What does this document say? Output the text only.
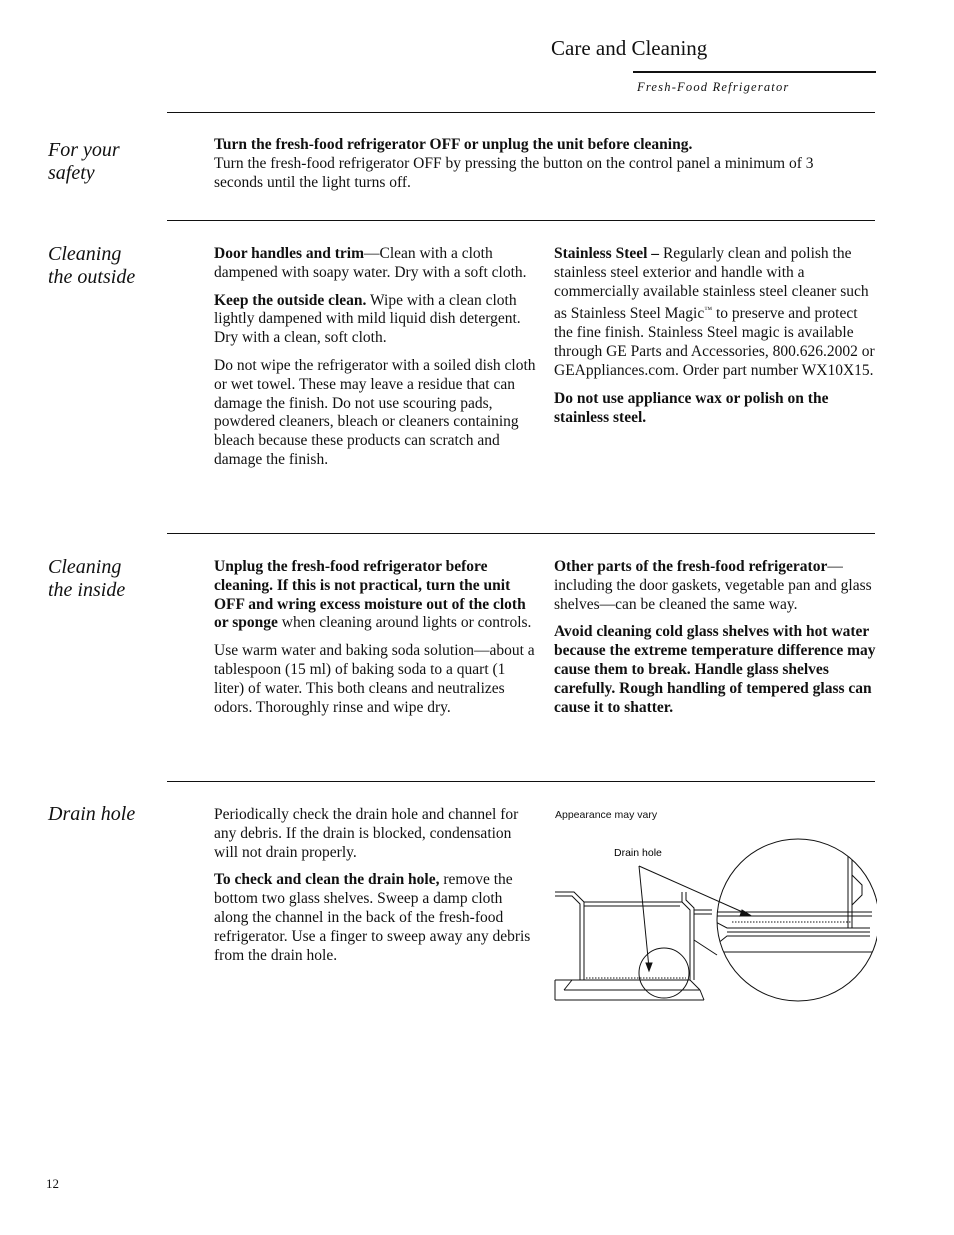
Care and Cleaning
Fresh-Food Refrigerator
For your
safety

Turn the fresh-food refrigerator OFF or unplug the unit before cleaning.

Turn the fresh-food refrigerator OFF by pressing the button on the control panel a minimum of 3 seconds until the light turns off.

Cleaning
the outside

Door handles and trim—Clean with a cloth dampened with soapy water. Dry with a soft cloth.

Keep the outside clean. Wipe with a clean cloth lightly dampened with mild liquid dish detergent. Dry with a clean, soft cloth.

Do not wipe the refrigerator with a soiled dish cloth or wet towel. These may leave a residue that can damage the finish. Do not use scouring pads, powdered cleaners, bleach or cleaners containing bleach because these products can scratch and damage the finish.

Stainless Steel – Regularly clean and polish the stainless steel exterior and handle with a commercially available stainless steel cleaner such as Stainless Steel Magic™ to preserve and protect the fine finish. Stainless Steel magic is available through GE Parts and Accessories, 800.626.2002 or GEAppliances.com. Order part number WX10X15.

Do not use appliance wax or polish on the stainless steel.

Cleaning
the inside

Unplug the fresh-food refrigerator before cleaning. If this is not practical, turn the unit OFF and wring excess moisture out of the cloth or sponge when cleaning around lights or controls.

Use warm water and baking soda solution—about a tablespoon (15 ml) of baking soda to a quart (1 liter) of water. This both cleans and neutralizes odors. Thoroughly rinse and wipe dry.

Other parts of the fresh-food refrigerator—including the door gaskets, vegetable pan and glass shelves—can be cleaned the same way.

Avoid cleaning cold glass shelves with hot water because the extreme temperature difference may cause them to break. Handle glass shelves carefully. Rough handling of tempered glass can cause it to shatter.

Drain hole	Periodically check the drain hole and channel for any debris. If the drain is blocked, condensation will not drain properly.

To check and clean the drain hole, remove the bottom two glass shelves. Sweep a damp cloth along the channel in the back of the fresh-food refrigerator. Use a finger to sweep away any debris from the drain hole.

Appearance may vary
Drain hole
12
